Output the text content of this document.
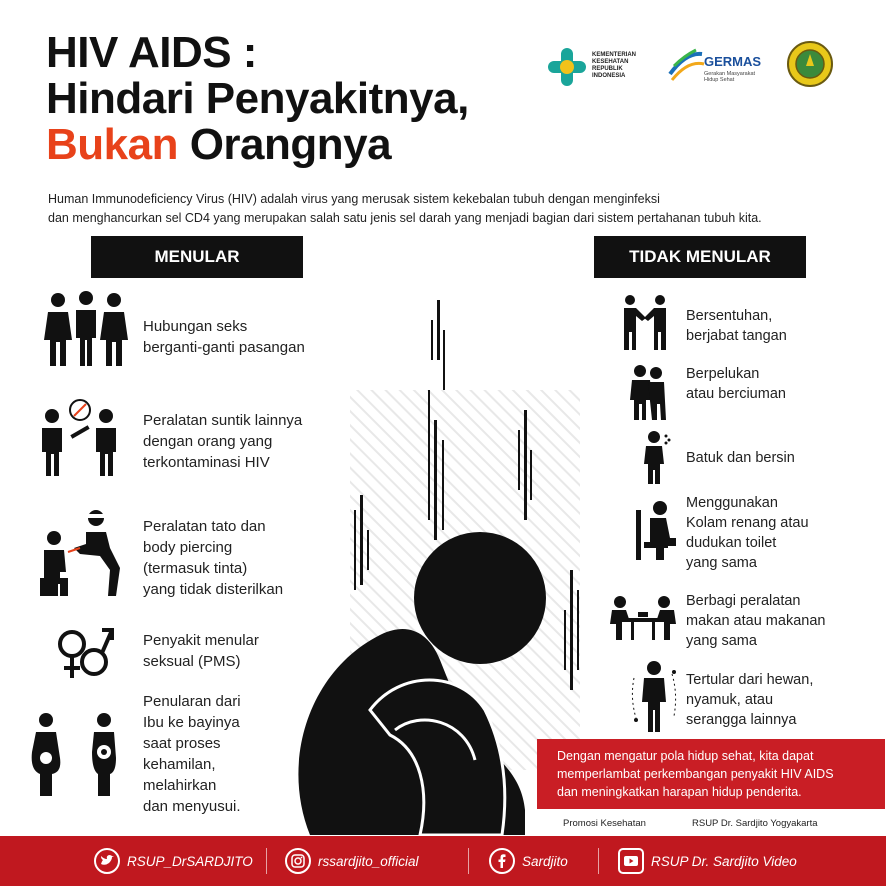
HIV AIDS :
Hindari Penyakitnya,
Bukan Orangnya
KEMENTERIAN KESEHATAN REPUBLIK INDONESIA
GERMAS
Gerakan Masyarakat Hidup Sehat
Human Immunodeficiency Virus (HIV) adalah virus yang merusak sistem kekebalan tubuh dengan menginfeksi
dan menghancurkan sel CD4 yang merupakan salah satu jenis sel darah yang menjadi bagian dari sistem pertahanan tubuh kita.
MENULAR	TIDAK MENULAR
Hubungan seks
berganti-ganti pasangan
Peralatan suntik lainnya
dengan orang yang
terkontaminasi HIV
Peralatan tato dan
body piercing
(termasuk tinta)
yang tidak disterilkan
Penyakit menular
seksual (PMS)
Penularan dari
Ibu ke bayinya
saat proses
kehamilan,
melahirkan
dan menyusui.
Bersentuhan,
berjabat tangan
Berpelukan
atau berciuman
Batuk dan bersin
Menggunakan
Kolam renang atau
dudukan toilet
yang sama
Berbagi peralatan
makan atau makanan
yang sama
Tertular dari hewan,
nyamuk, atau
serangga lainnya
Dengan mengatur pola hidup sehat, kita dapat
memperlambat perkembangan penyakit HIV AIDS
dan meningkatkan harapan hidup penderita.
Promosi Kesehatan	RSUP Dr. Sardjito Yogyakarta
RSUP_DrSARDJITO	rssardjito_official	Sardjito	RSUP Dr. Sardjito Video
